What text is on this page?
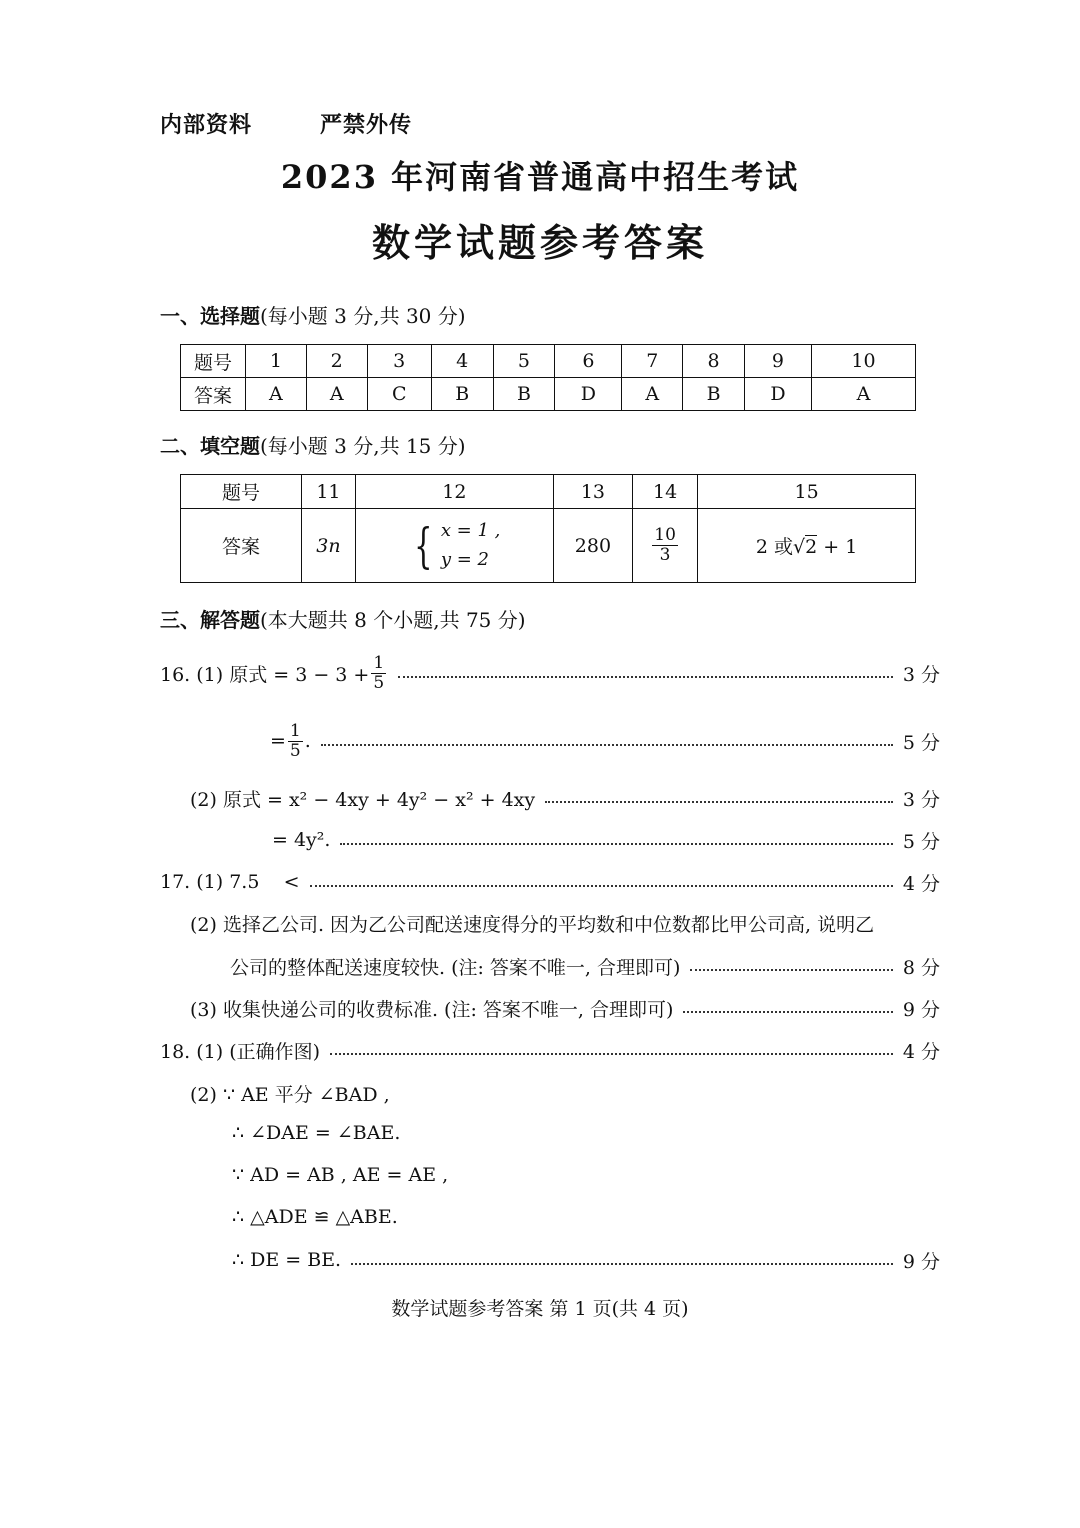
内部资料   严禁外传
2023 年河南省普通高中招生考试
数学试题参考答案
一、选择题(每小题 3 分,共 30 分)
题号	1	2	3	4	5	6	7	8	9	10
答案	A	A	C	B	B	D	A	B	D	A
二、填空题(每小题 3 分,共 15 分)
题号	11	12	13	14	15
答案	3n	{ x = 1 ,
y = 2	280	$\frac{10}{3}$	2 或√2 + 1
三、解答题(本大题共 8 个小题,共 75 分)
16. (1) 原式 = $3 - 3 + \frac{1}{5}$	3 分
= $\frac{1}{5}$ .	5 分
(2) 原式 = x² − 4xy + 4y² − x² + 4xy	3 分
= 4y².	5 分
17. (1) 7.5    <	4 分
(2) 选择乙公司. 因为乙公司配送速度得分的平均数和中位数都比甲公司高, 说明乙
公司的整体配送速度较快. (注: 答案不唯一, 合理即可)	8 分
(3) 收集快递公司的收费标准. (注: 答案不唯一, 合理即可)	9 分
18. (1) (正确作图)	4 分
(2) ∵ AE 平分 ∠BAD ,
∴ ∠DAE = ∠BAE.
∵ AD = AB , AE = AE ,
∴ △ADE ≌ △ABE.
∴ DE = BE.	9 分
数学试题参考答案 第 1 页(共 4 页)
